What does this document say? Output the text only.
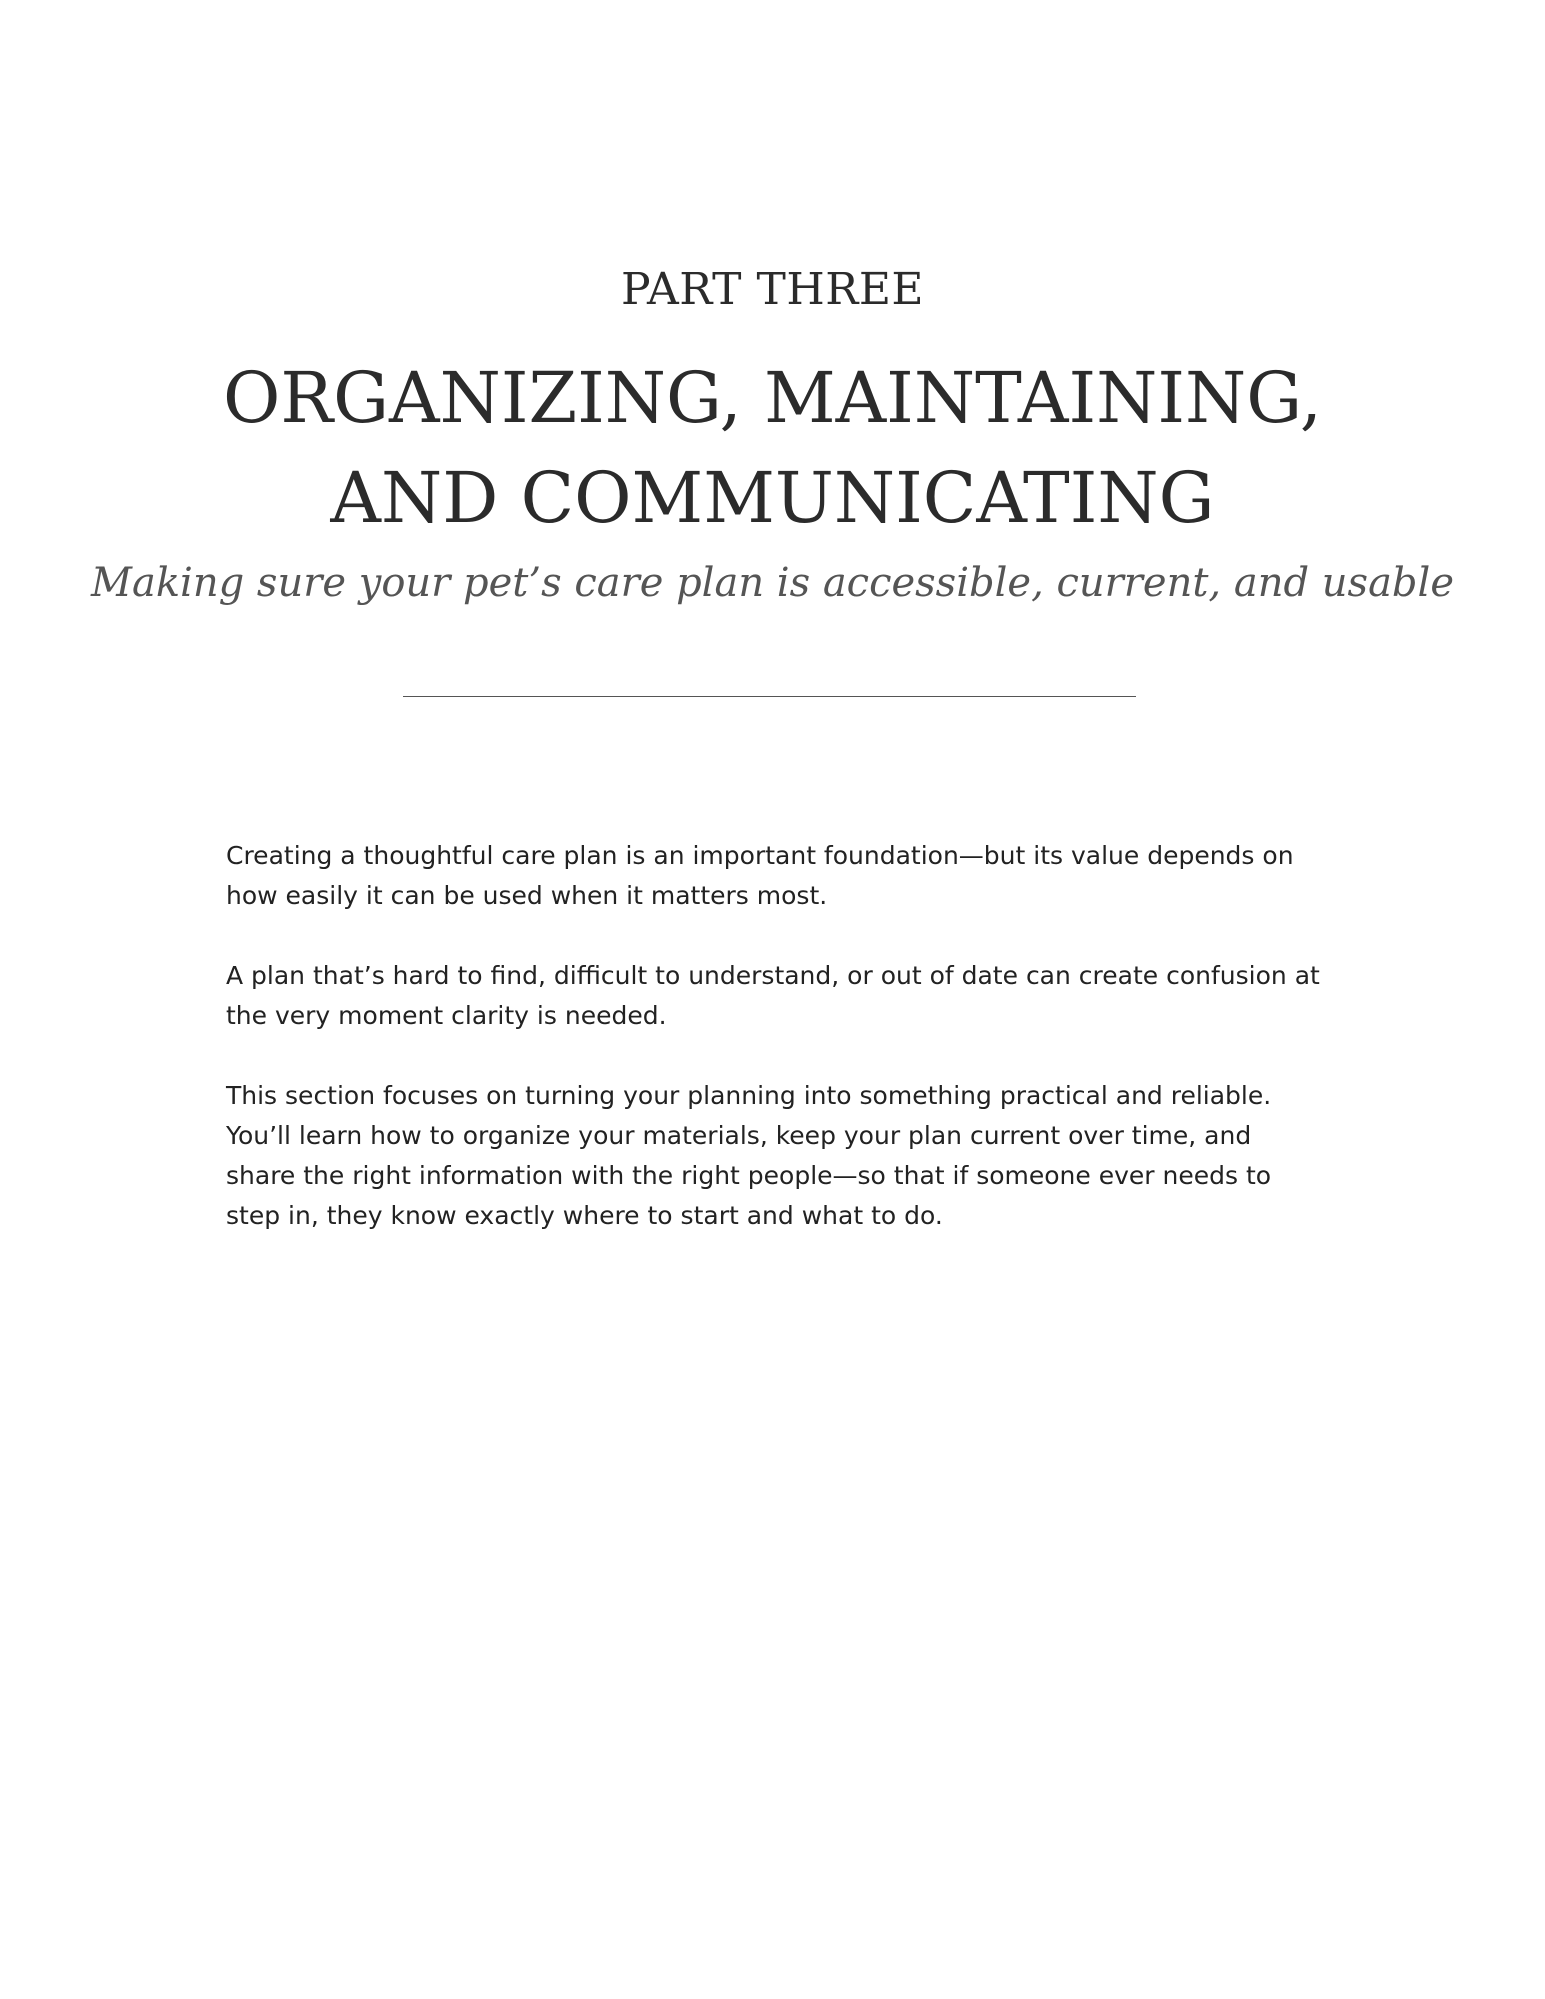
PART THREE
ORGANIZING, MAINTAINING,
AND COMMUNICATING

Making sure your pet’s care plan is accessible, current, and usable

Creating a thoughtful care plan is an important foundation—but its value depends on how easily it can be used when it matters most.

A plan that’s hard to find, difficult to understand, or out of date can create confusion at the very moment clarity is needed.

This section focuses on turning your planning into something practical and reliable. You’ll learn how to organize your materials, keep your plan current over time, and share the right information with the right people—so that if someone ever needs to step in, they know exactly where to start and what to do.
